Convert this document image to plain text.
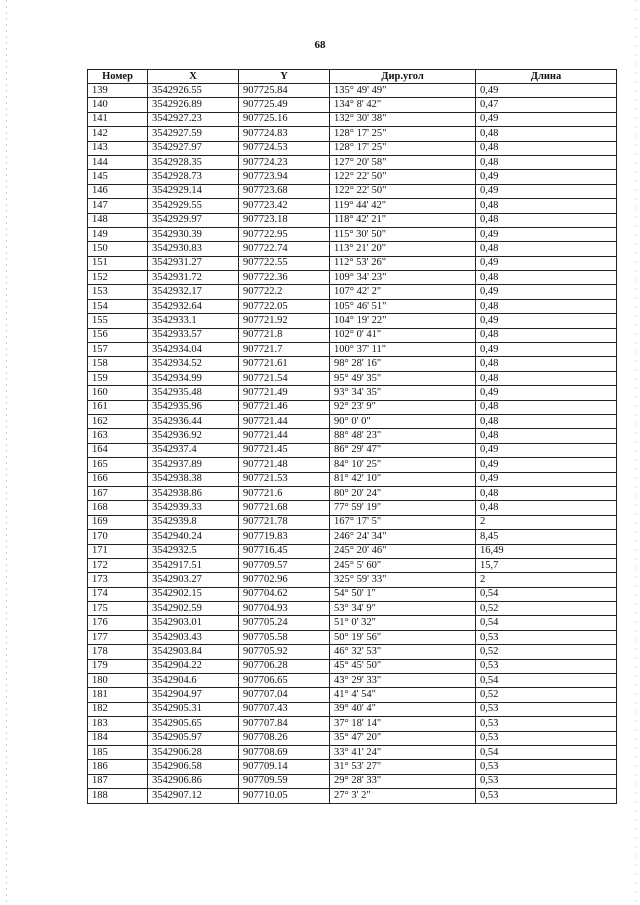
68
Номер	X	Y	Дир.угол	Длина
139	3542926.55	907725.84	135° 49' 49"	0,49
140	3542926.89	907725.49	134° 8' 42"	0,47
141	3542927.23	907725.16	132° 30' 38"	0,49
142	3542927.59	907724.83	128° 17' 25"	0,48
143	3542927.97	907724.53	128° 17' 25"	0,48
144	3542928.35	907724.23	127° 20' 58"	0,48
145	3542928.73	907723.94	122° 22' 50"	0,49
146	3542929.14	907723.68	122° 22' 50"	0,49
147	3542929.55	907723.42	119° 44' 42"	0,48
148	3542929.97	907723.18	118° 42' 21"	0,48
149	3542930.39	907722.95	115° 30' 50"	0,49
150	3542930.83	907722.74	113° 21' 20"	0,48
151	3542931.27	907722.55	112° 53' 26"	0,49
152	3542931.72	907722.36	109° 34' 23"	0,48
153	3542932.17	907722.2	107° 42' 2"	0,49
154	3542932.64	907722.05	105° 46' 51"	0,48
155	3542933.1	907721.92	104° 19' 22"	0,49
156	3542933.57	907721.8	102° 0' 41"	0,48
157	3542934.04	907721.7	100° 37' 11"	0,49
158	3542934.52	907721.61	98° 28' 16"	0,48
159	3542934.99	907721.54	95° 49' 35"	0,48
160	3542935.48	907721.49	93° 34' 35"	0,49
161	3542935.96	907721.46	92° 23' 9"	0,48
162	3542936.44	907721.44	90° 0' 0"	0,48
163	3542936.92	907721.44	88° 48' 23"	0,48
164	3542937.4	907721.45	86° 29' 47"	0,49
165	3542937.89	907721.48	84° 10' 25"	0,49
166	3542938.38	907721.53	81° 42' 10"	0,49
167	3542938.86	907721.6	80° 20' 24"	0,48
168	3542939.33	907721.68	77° 59' 19"	0,48
169	3542939.8	907721.78	167° 17' 5"	2
170	3542940.24	907719.83	246° 24' 34"	8,45
171	3542932.5	907716.45	245° 20' 46"	16,49
172	3542917.51	907709.57	245° 5' 60"	15,7
173	3542903.27	907702.96	325° 59' 33"	2
174	3542902.15	907704.62	54° 50' 1"	0,54
175	3542902.59	907704.93	53° 34' 9"	0,52
176	3542903.01	907705.24	51° 0' 32"	0,54
177	3542903.43	907705.58	50° 19' 56"	0,53
178	3542903.84	907705.92	46° 32' 53"	0,52
179	3542904.22	907706.28	45° 45' 50"	0,53
180	3542904.6	907706.65	43° 29' 33"	0,54
181	3542904.97	907707.04	41° 4' 54"	0,52
182	3542905.31	907707.43	39° 40' 4"	0,53
183	3542905.65	907707.84	37° 18' 14"	0,53
184	3542905.97	907708.26	35° 47' 20"	0,53
185	3542906.28	907708.69	33° 41' 24"	0,54
186	3542906.58	907709.14	31° 53' 27"	0,53
187	3542906.86	907709.59	29° 28' 33"	0,53
188	3542907.12	907710.05	27° 3' 2"	0,53
